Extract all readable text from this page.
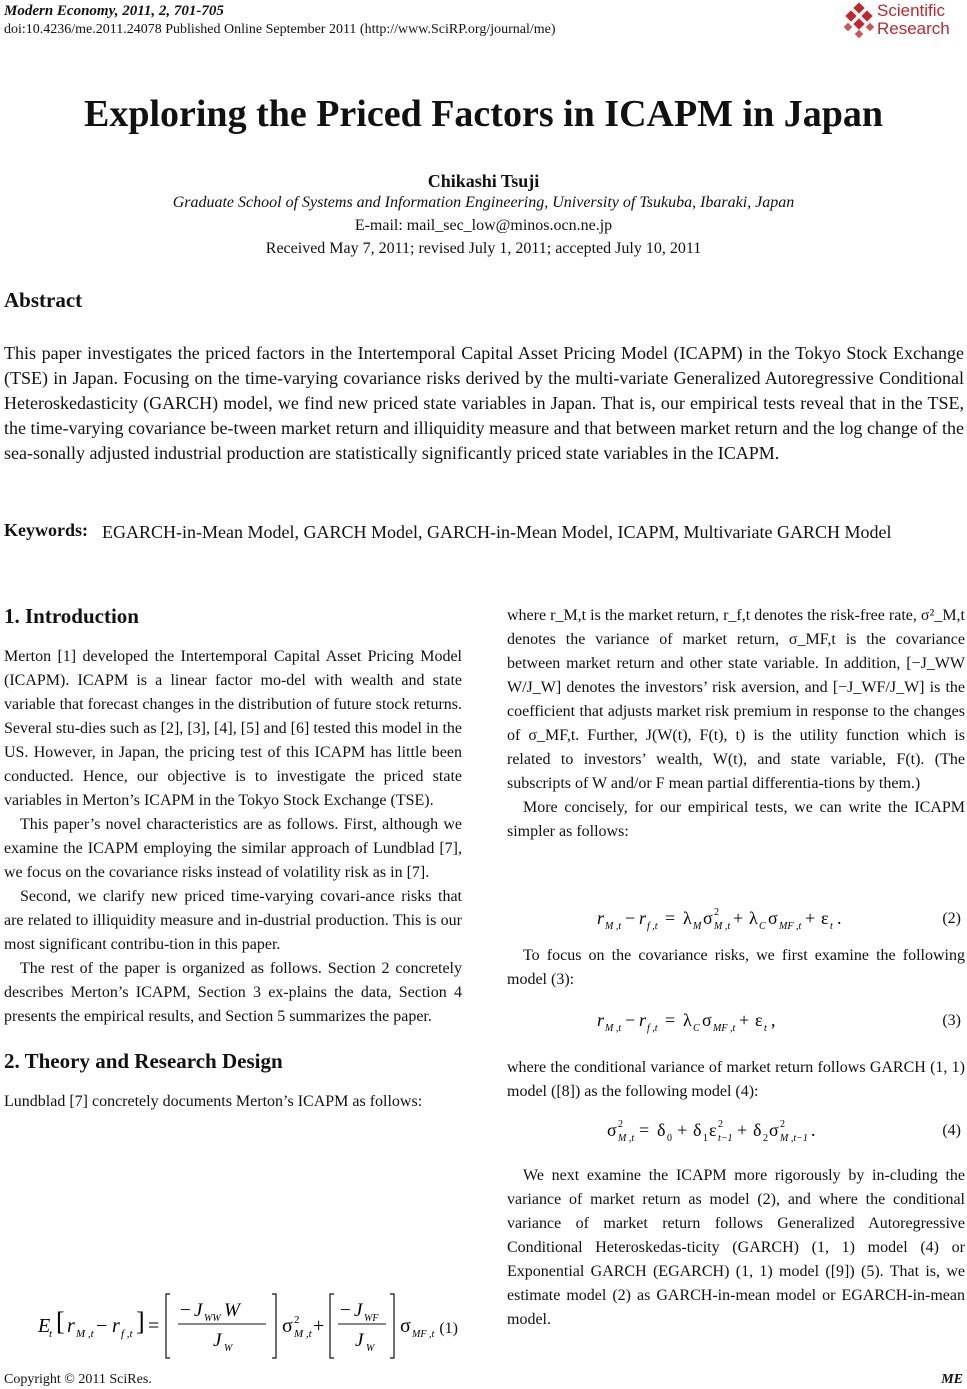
Modern Economy, 2011, 2, 701-705
doi:10.4236/me.2011.24078 Published Online September 2011 (http://www.SciRP.org/journal/me)
Scientific
Research
Exploring the Priced Factors in ICAPM in Japan
Chikashi Tsuji
Graduate School of Systems and Information Engineering, University of Tsukuba, Ibaraki, Japan
E-mail: mail_sec_low@minos.ocn.ne.jp
Received May 7, 2011; revised July 1, 2011; accepted July 10, 2011
Abstract
This paper investigates the priced factors in the Intertemporal Capital Asset Pricing Model (ICAPM) in the Tokyo Stock Exchange (TSE) in Japan. Focusing on the time-varying covariance risks derived by the multi-variate Generalized Autoregressive Conditional Heteroskedasticity (GARCH) model, we find new priced state variables in Japan. That is, our empirical tests reveal that in the TSE, the time-varying covariance be-tween market return and illiquidity measure and that between market return and the log change of the sea-sonally adjusted industrial production are statistically significantly priced state variables in the ICAPM.
Keywords: EGARCH-in-Mean Model, GARCH Model, GARCH-in-Mean Model, ICAPM, Multivariate GARCH Model
1. Introduction

Merton [1] developed the Intertemporal Capital Asset Pricing Model (ICAPM). ICAPM is a linear factor mo-del with wealth and state variable that forecast changes in the distribution of future stock returns. Several stu-dies such as [2], [3], [4], [5] and [6] tested this model in the US. However, in Japan, the pricing test of this ICAPM has little been conducted. Hence, our objective is to investigate the priced state variables in Merton’s ICAPM in the Tokyo Stock Exchange (TSE).

This paper’s novel characteristics are as follows. First, although we examine the ICAPM employing the similar approach of Lundblad [7], we focus on the covariance risks instead of volatility risk as in [7].

Second, we clarify new priced time-varying covari-ance risks that are related to illiquidity measure and in-dustrial production. This is our most significant contribu-tion in this paper.

The rest of the paper is organized as follows. Section 2 concretely describes Merton’s ICAPM, Section 3 ex-plains the data, Section 4 presents the empirical results, and Section 5 summarizes the paper.

2. Theory and Research Design

Lundblad [7] concretely documents Merton’s ICAPM as follows:

E
t [ r M ,t − r f ,t ] =
− J WW W
J W
σ 2
M ,t +
− J WF
J W
σ MF ,t (1)

where r_M,t is the market return, r_f,t denotes the risk-free rate, σ²_M,t denotes the variance of market return, σ_MF,t is the covariance between market return and other state variable. In addition, [−J_WW W/J_W] denotes the investors’ risk aversion, and [−J_WF/J_W] is the coefficient that adjusts market risk premium in response to the changes of σ_MF,t. Further, J(W(t), F(t), t) is the utility function which is related to investors’ wealth, W(t), and state variable, F(t). (The subscripts of W and/or F mean partial differentia-tions by them.)

More concisely, for our empirical tests, we can write the ICAPM simpler as follows:

r M ,t − r f ,t = λ M σ 2
M ,t + λ C σ MF ,t + ε t .	(2)

To focus on the covariance risks, we first examine the following model (3):

r M ,t − r f ,t = λ C σ MF ,t + ε t ,	(3)

where the conditional variance of market return follows GARCH (1, 1) model ([8]) as the following model (4):

σ 2
M ,t = δ 0 + δ 1 ε 2
t−1 + δ 2 σ 2
M ,t−1 .	(4)

We next examine the ICAPM more rigorously by in-cluding the variance of market return as model (2), and where the conditional variance of market return follows Generalized Autoregressive Conditional Heteroskedas-ticity (GARCH) (1, 1) model (4) or Exponential GARCH (EGARCH) (1, 1) model ([9]) (5). That is, we estimate model (2) as GARCH-in-mean model or EGARCH-in-mean model.

Copyright © 2011 SciRes.	ME
